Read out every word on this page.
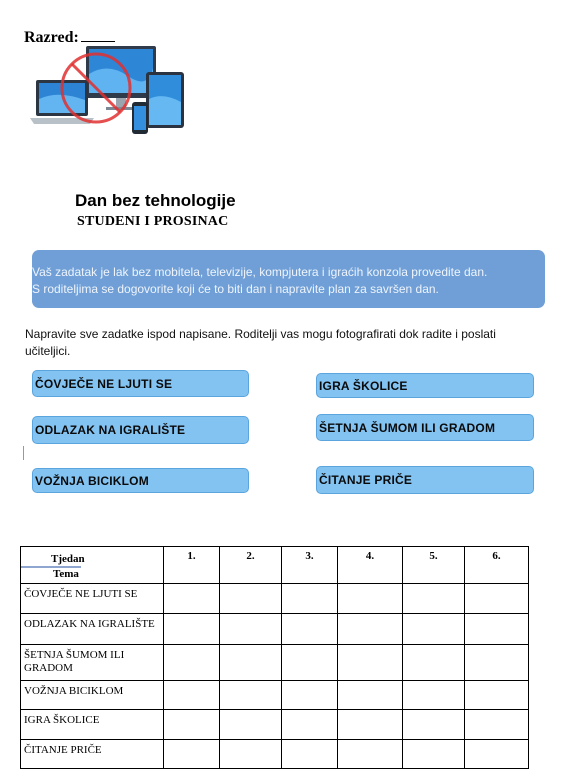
Razred:
Dan bez tehnologije
STUDENI I PROSINAC
Vaš zadatak je lak bez mobitela, televizije, kompjutera i igraćih konzola provedite dan.
S roditeljima se dogovorite koji će to biti dan i napravite plan za savršen dan.
Napravite sve zadatke ispod napisane. Roditelji vas mogu fotografirati dok radite i poslati
učiteljici.
ČOVJEČE NE LJUTI SE	IGRA ŠKOLICE
ODLAZAK NA IGRALIŠTE	ŠETNJA ŠUMOM ILI GRADOM
VOŽNJA BICIKLOM	ČITANJE PRIČE
Tjedan
Tema	1.	2.	3.	4.	5.	6.
ČOVJEČE NE LJUTI SE						
ODLAZAK NA IGRALIŠTE						
ŠETNJA ŠUMOM ILI GRADOM						
VOŽNJA BICIKLOM						
IGRA ŠKOLICE						
ČITANJE PRIČE						
